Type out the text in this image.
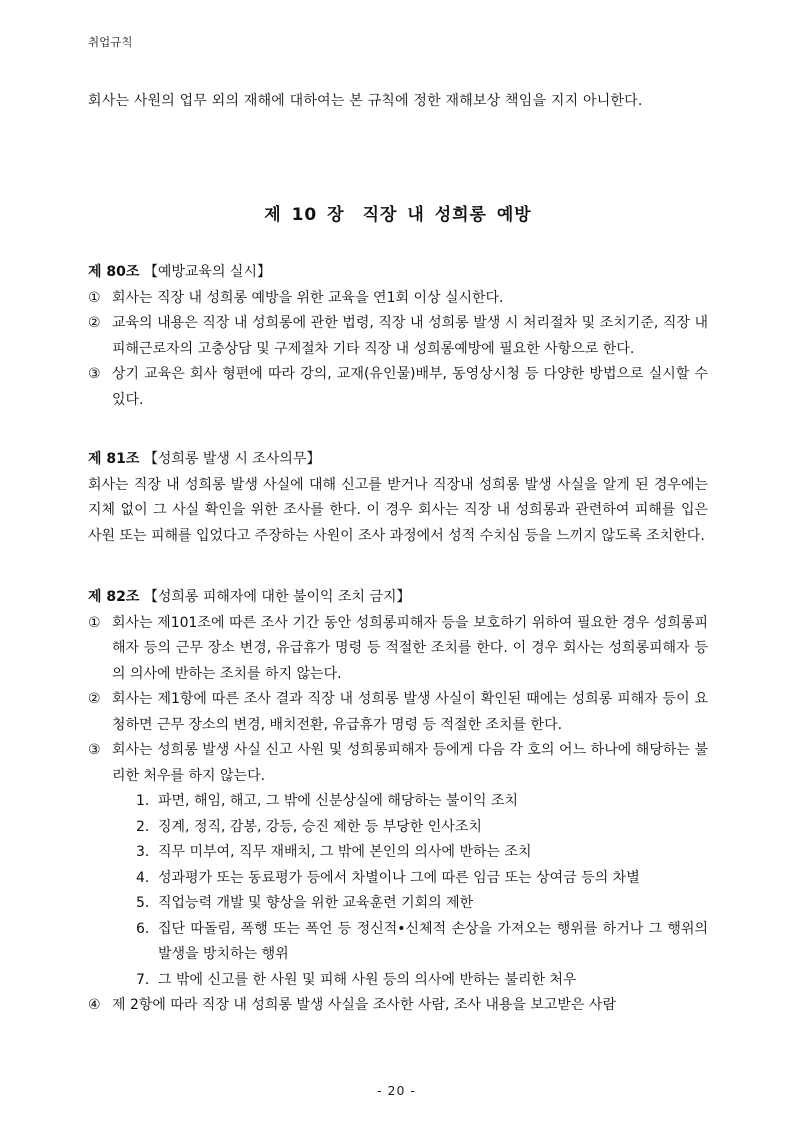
취업규칙
회사는 사원의 업무 외의 재해에 대하여는 본 규칙에 정한 재해보상 책임을 지지 아니한다.
제 10 장　직장 내 성희롱 예방
제 80조 【예방교육의 실시】
① 회사는 직장 내 성희롱 예방을 위한 교육을 연1회 이상 실시한다.
② 교육의 내용은 직장 내 성희롱에 관한 법령, 직장 내 성희롱 발생 시 처리절차 및 조치기준, 직장 내 피해근로자의 고충상담 및 구제절차 기타 직장 내 성희롱예방에 필요한 사항으로 한다.
③ 상기 교육은 회사 형편에 따라 강의, 교재(유인물)배부, 동영상시청 등 다양한 방법으로 실시할 수 있다.
제 81조 【성희롱 발생 시 조사의무】
회사는 직장 내 성희롱 발생 사실에 대해 신고를 받거나 직장내 성희롱 발생 사실을 알게 된 경우에는 지체 없이 그 사실 확인을 위한 조사를 한다. 이 경우 회사는 직장 내 성희롱과 관련하여 피해를 입은 사원 또는 피해를 입었다고 주장하는 사원이 조사 과정에서 성적 수치심 등을 느끼지 않도록 조치한다.
제 82조 【성희롱 피해자에 대한 불이익 조치 금지】
① 회사는 제101조에 따른 조사 기간 동안 성희롱피해자 등을 보호하기 위하여 필요한 경우 성희롱피해자 등의 근무 장소 변경, 유급휴가 명령 등 적절한 조치를 한다. 이 경우 회사는 성희롱피해자 등의 의사에 반하는 조치를 하지 않는다.
② 회사는 제1항에 따른 조사 결과 직장 내 성희롱 발생 사실이 확인된 때에는 성희롱 피해자 등이 요청하면 근무 장소의 변경, 배치전환, 유급휴가 명령 등 적절한 조치를 한다.
③ 회사는 성희롱 발생 사실 신고 사원 및 성희롱피해자 등에게 다음 각 호의 어느 하나에 해당하는 불리한 처우를 하지 않는다.
1. 파면, 해임, 해고, 그 밖에 신분상실에 해당하는 불이익 조치
2. 징계, 정직, 감봉, 강등, 승진 제한 등 부당한 인사조치
3. 직무 미부여, 직무 재배치, 그 밖에 본인의 의사에 반하는 조치
4. 성과평가 또는 동료평가 등에서 차별이나 그에 따른 임금 또는 상여금 등의 차별
5. 직업능력 개발 및 향상을 위한 교육훈련 기회의 제한
6. 집단 따돌림, 폭행 또는 폭언 등 정신적•신체적 손상을 가져오는 행위를 하거나 그 행위의 발생을 방치하는 행위
7. 그 밖에 신고를 한 사원 및 피해 사원 등의 의사에 반하는 불리한 처우
④ 제 2항에 따라 직장 내 성희롱 발생 사실을 조사한 사람, 조사 내용을 보고받은 사람
- 20 -
